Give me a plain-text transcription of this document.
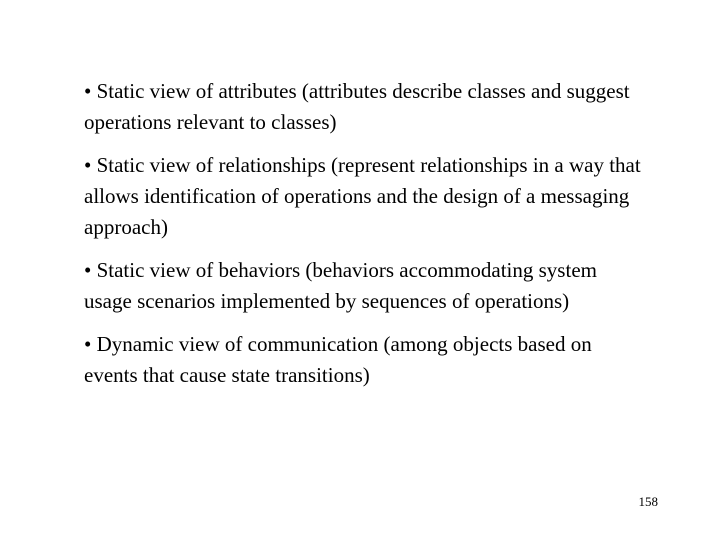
• Static view of attributes (attributes describe classes and suggest operations relevant to classes)
• Static view of relationships (represent relationships in a way that allows identification of operations and the design of a messaging approach)
• Static view of behaviors (behaviors accommodating system usage scenarios implemented by sequences of operations)
• Dynamic view of communication (among objects based on events that cause state transitions)
158
